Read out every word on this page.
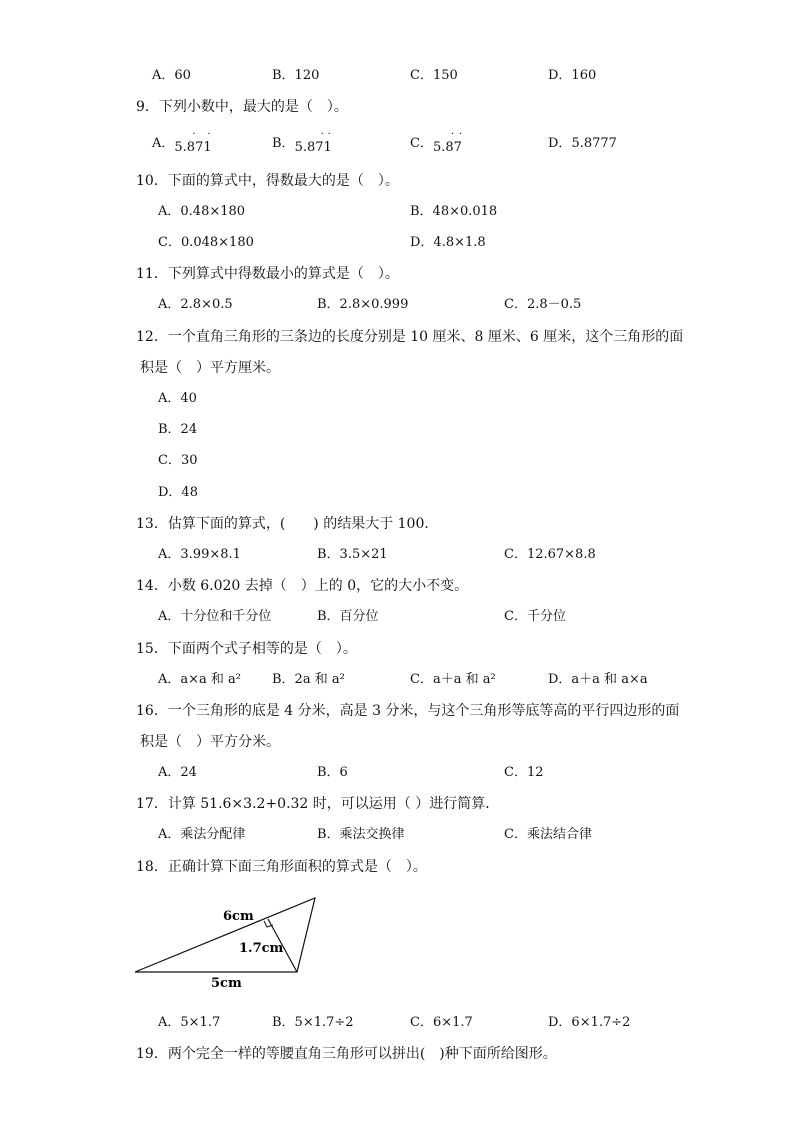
A．60	B．120	C．150	D．160
9．下列小数中，最大的是（　）。
A．5.871
· ·
B．5.871
· ·
C．5.87
· ·
D．5.8777
10．下面的算式中，得数最大的是（　）。
A．0.48×180	B．48×0.018
C．0.048×180	D．4.8×1.8
11．下列算式中得数最小的算式是（　）。
A．2.8×0.5	B．2.8×0.999	C．2.8－0.5
12．一个直角三角形的三条边的长度分别是 10 厘米、8 厘米、6 厘米，这个三角形的面
积是（　）平方厘米。
A．40
B．24
C．30
D．48
13．估算下面的算式，(　　) 的结果大于 100．
A．3.99×8.1	B．3.5×21	C．12.67×8.8
14．小数 6.020 去掉（　）上的 0，它的大小不变。
A．十分位和千分位	B．百分位	C．千分位
15．下面两个式子相等的是（　）。
A．a×a 和 a² B．2a 和 a²	C．a＋a 和 a²	D．a＋a 和 a×a
16．一个三角形的底是 4 分米，高是 3 分米，与这个三角形等底等高的平行四边形的面
积是（　）平方分米。
A．24	B．6	C．12
17．计算 51.6×3.2+0.32 时，可以运用（ ）进行简算．
A．乘法分配律	B．乘法交换律	C．乘法结合律
18．正确计算下面三角形面积的算式是（　）。
6cm
1.7cm
5cm
A．5×1.7	B．5×1.7÷2	C．6×1.7	D．6×1.7÷2
19．两个完全一样的等腰直角三角形可以拼出(　)种下面所给图形。
